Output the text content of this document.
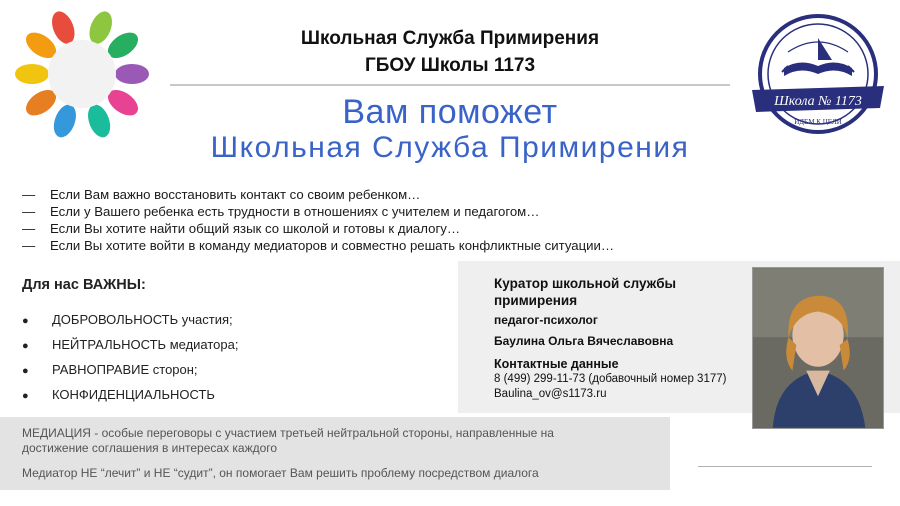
Школа № 1173
ИДЕМ К ЦЕЛИ
Школьная Служба Примирения
ГБОУ Школы 1173
Вам поможет
Школьная Служба Примирения
— Если Вам важно восстановить контакт со своим ребенком…
— Если у Вашего ребенка есть трудности в отношениях с учителем и педагогом…
— Если Вы хотите найти общий язык со школой и готовы к диалогу…
— Если Вы хотите войти в команду медиаторов и совместно решать конфликтные ситуации…
Для нас ВАЖНЫ:
● ДОБРОВОЛЬНОСТЬ участия;
● НЕЙТРАЛЬНОСТЬ медиатора;
● РАВНОПРАВИЕ сторон;
● КОНФИДЕНЦИАЛЬНОСТЬ
Куратор школьной службы примирения
педагог-психолог
Баулина Ольга Вячеславовна
Контактные данные
8 (499) 299-11-73 (добавочный номер 3177)
Baulina_ov@s1173.ru
МЕДИАЦИЯ - особые переговоры с участием третьей нейтральной стороны, направленные на достижение соглашения в интересах каждого
Медиатор НЕ “лечит” и НЕ “судит”, он помогает Вам решить проблему посредством диалога
